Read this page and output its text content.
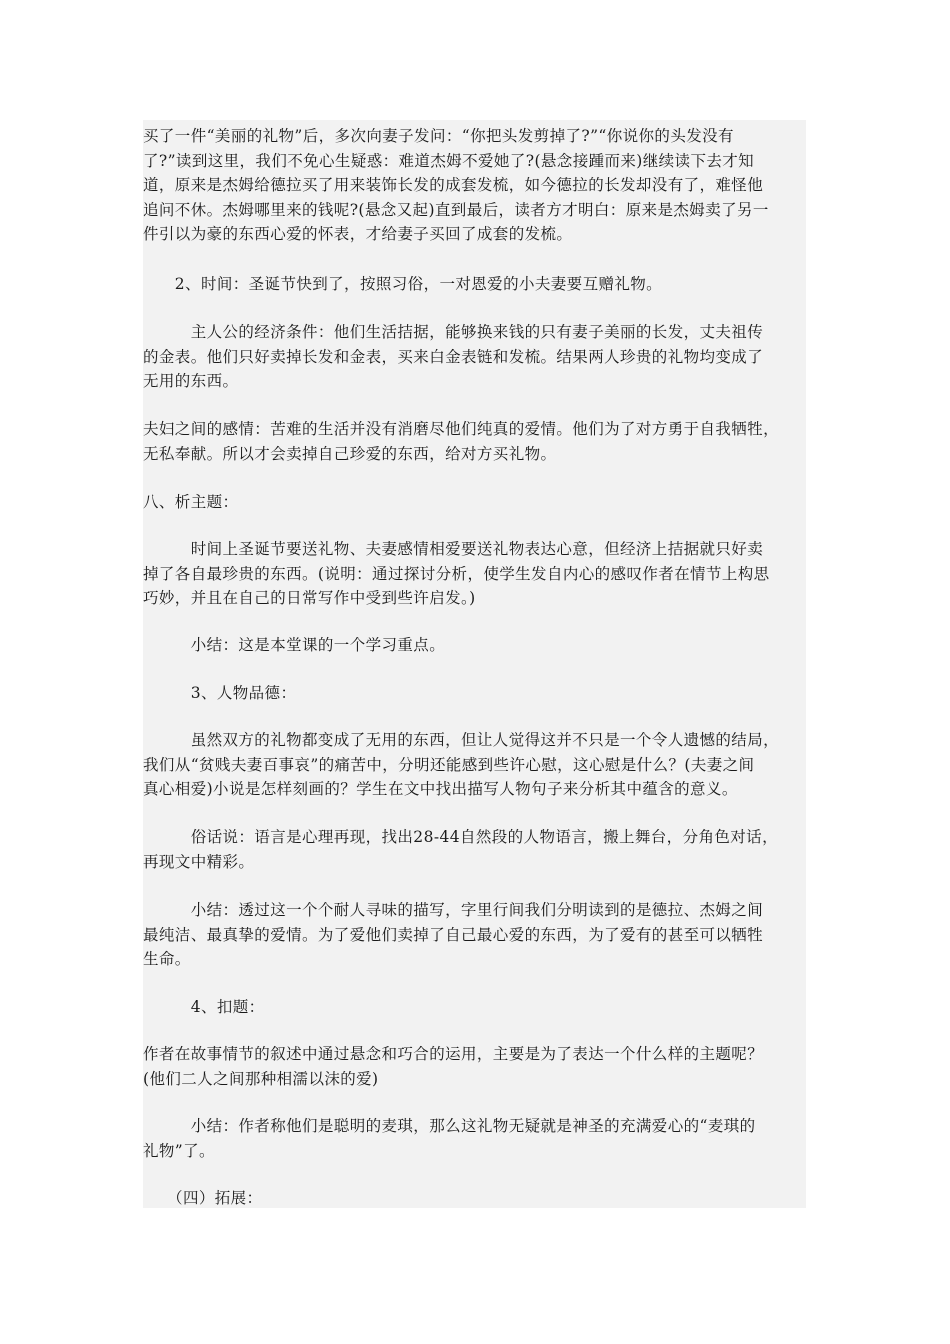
买了一件“美丽的礼物”后，多次向妻子发问：“你把头发剪掉了?”“你说你的头发没有
了?”读到这里，我们不免心生疑惑：难道杰姆不爱她了?(悬念接踵而来)继续读下去才知
道，原来是杰姆给德拉买了用来装饰长发的成套发梳，如今德拉的长发却没有了，难怪他
追问不休。杰姆哪里来的钱呢?(悬念又起)直到最后，读者方才明白：原来是杰姆卖了另一
件引以为豪的东西心爱的怀表，才给妻子买回了成套的发梳。
　　2、时间：圣诞节快到了，按照习俗，一对恩爱的小夫妻要互赠礼物。
　　　主人公的经济条件：他们生活拮据，能够换来钱的只有妻子美丽的长发，丈夫祖传
的金表。他们只好卖掉长发和金表，买来白金表链和发梳。结果两人珍贵的礼物均变成了
无用的东西。
夫妇之间的感情：苦难的生活并没有消磨尽他们纯真的爱情。他们为了对方勇于自我牺牲，
无私奉献。所以才会卖掉自己珍爱的东西，给对方买礼物。
八、析主题：
　　　时间上圣诞节要送礼物、夫妻感情相爱要送礼物表达心意，但经济上拮据就只好卖
掉了各自最珍贵的东西。(说明：通过探讨分析，使学生发自内心的感叹作者在情节上构思
巧妙，并且在自己的日常写作中受到些许启发。)
　　　小结：这是本堂课的一个学习重点。
　　　3、人物品德：
　　　虽然双方的礼物都变成了无用的东西，但让人觉得这并不只是一个令人遗憾的结局，
我们从“贫贱夫妻百事哀”的痛苦中，分明还能感到些许心慰，这心慰是什么？(夫妻之间
真心相爱)小说是怎样刻画的？学生在文中找出描写人物句子来分析其中蕴含的意义。
　　　俗话说：语言是心理再现，找出28-44自然段的人物语言，搬上舞台，分角色对话，
再现文中精彩。
　　　小结：透过这一个个耐人寻味的描写，字里行间我们分明读到的是德拉、杰姆之间
最纯洁、最真挚的爱情。为了爱他们卖掉了自己最心爱的东西，为了爱有的甚至可以牺牲
生命。
　　　4、扣题：
作者在故事情节的叙述中通过悬念和巧合的运用，主要是为了表达一个什么样的主题呢？
(他们二人之间那种相濡以沫的爱)
　　　小结：作者称他们是聪明的麦琪，那么这礼物无疑就是神圣的充满爱心的“麦琪的
礼物”了。
　　（四）拓展：
